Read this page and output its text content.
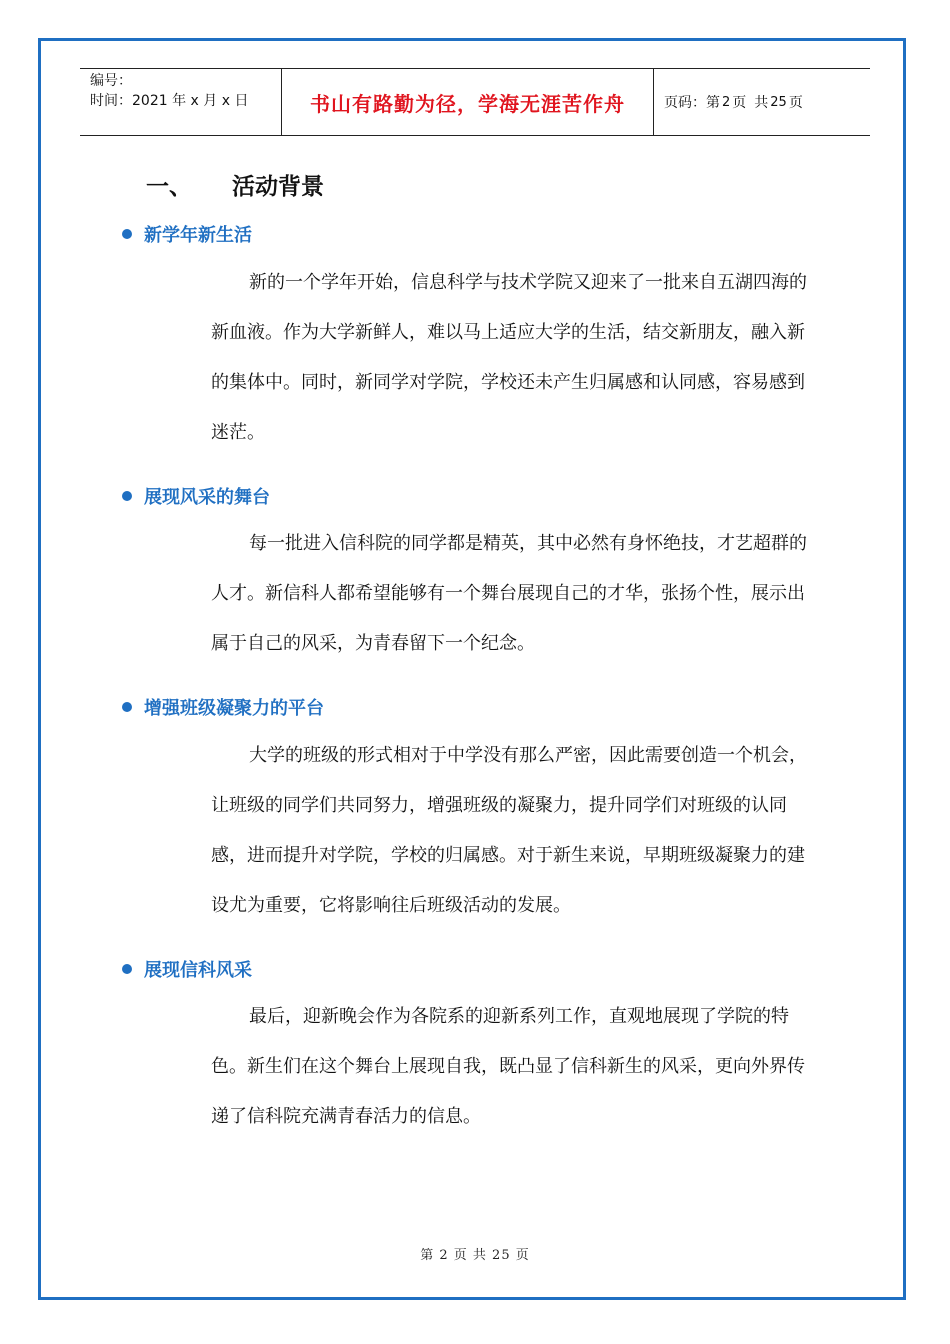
编号：
时间：2021 年 x 月 x 日	书山有路勤为径，学海无涯苦作舟	页码：第 2 页 共 25 页
一、	活动背景
新学年新生活

新的一个学年开始，信息科学与技术学院又迎来了一批来自五湖四海的新血液。作为大学新鲜人，难以马上适应大学的生活，结交新朋友，融入新的集体中。同时，新同学对学院，学校还未产生归属感和认同感，容易感到迷茫。

展现风采的舞台

每一批进入信科院的同学都是精英，其中必然有身怀绝技，才艺超群的人才。新信科人都希望能够有一个舞台展现自己的才华，张扬个性，展示出属于自己的风采，为青春留下一个纪念。

增强班级凝聚力的平台

大学的班级的形式相对于中学没有那么严密，因此需要创造一个机会，让班级的同学们共同努力，增强班级的凝聚力，提升同学们对班级的认同感，进而提升对学院，学校的归属感。对于新生来说，早期班级凝聚力的建设尤为重要，它将影响往后班级活动的发展。

展现信科风采

最后，迎新晚会作为各院系的迎新系列工作，直观地展现了学院的特色。新生们在这个舞台上展现自我，既凸显了信科新生的风采，更向外界传递了信科院充满青春活力的信息。

第 2 页 共 25 页
